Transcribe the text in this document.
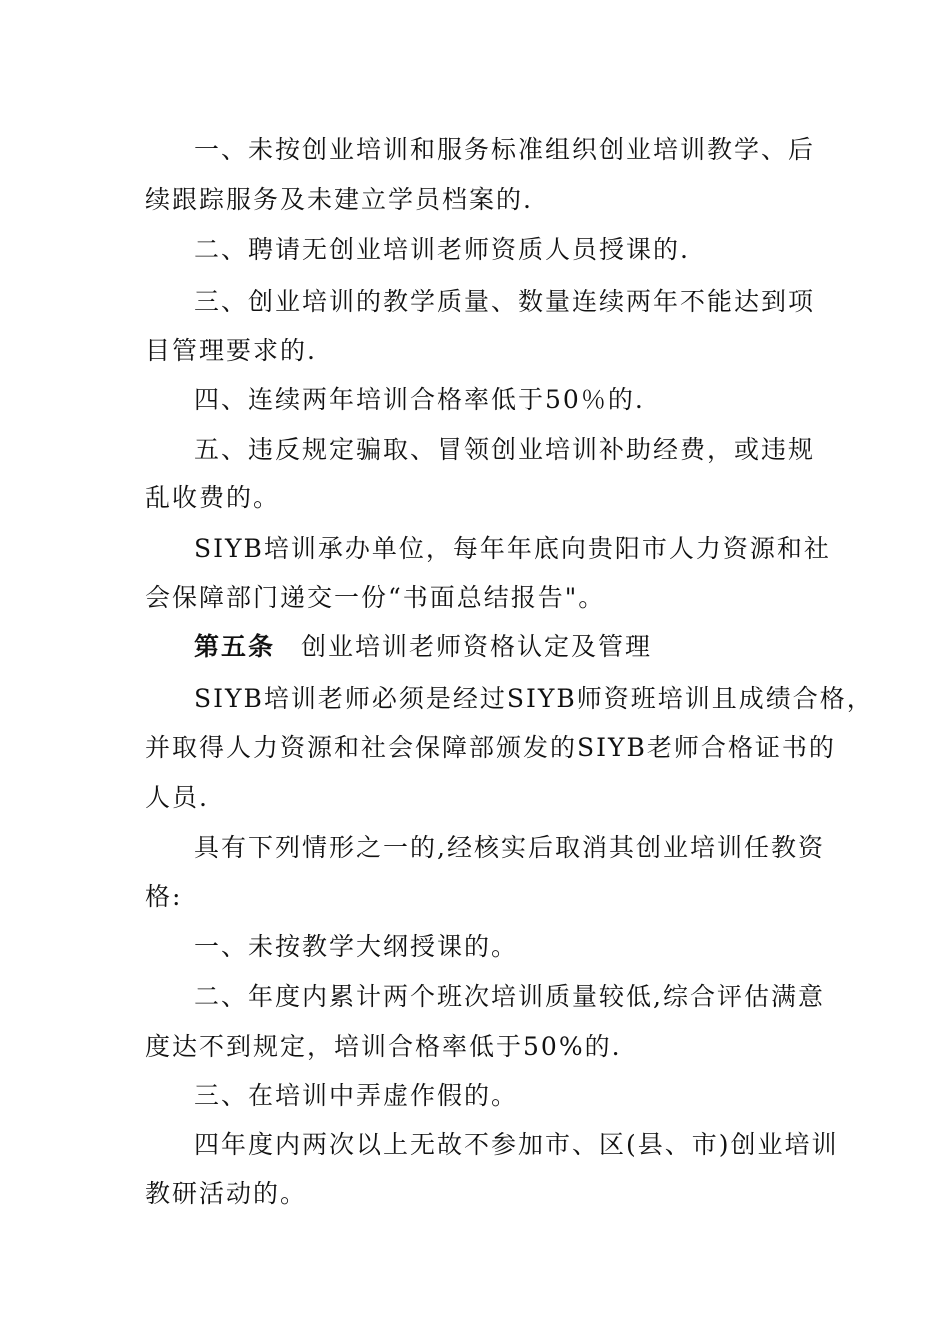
一、未按创业培训和服务标准组织创业培训教学、后

续跟踪服务及未建立学员档案的.

二、聘请无创业培训老师资质人员授课的.

三、创业培训的教学质量、数量连续两年不能达到项

目管理要求的.

四、连续两年培训合格率低于50％的.

五、违反规定骗取、冒领创业培训补助经费，或违规

乱收费的。

SIYB培训承办单位，每年年底向贵阳市人力资源和社

会保障部门递交一份“书面总结报告"。

第五条 创业培训老师资格认定及管理

SIYB培训老师必须是经过SIYB师资班培训且成绩合格，

并取得人力资源和社会保障部颁发的SIYB老师合格证书的

人员.

具有下列情形之一的,经核实后取消其创业培训任教资

格:

一、未按教学大纲授课的。

二、年度内累计两个班次培训质量较低,综合评估满意

度达不到规定，培训合格率低于50%的.

三、在培训中弄虚作假的。

四年度内两次以上无故不参加市、区(县、市)创业培训

教研活动的。
